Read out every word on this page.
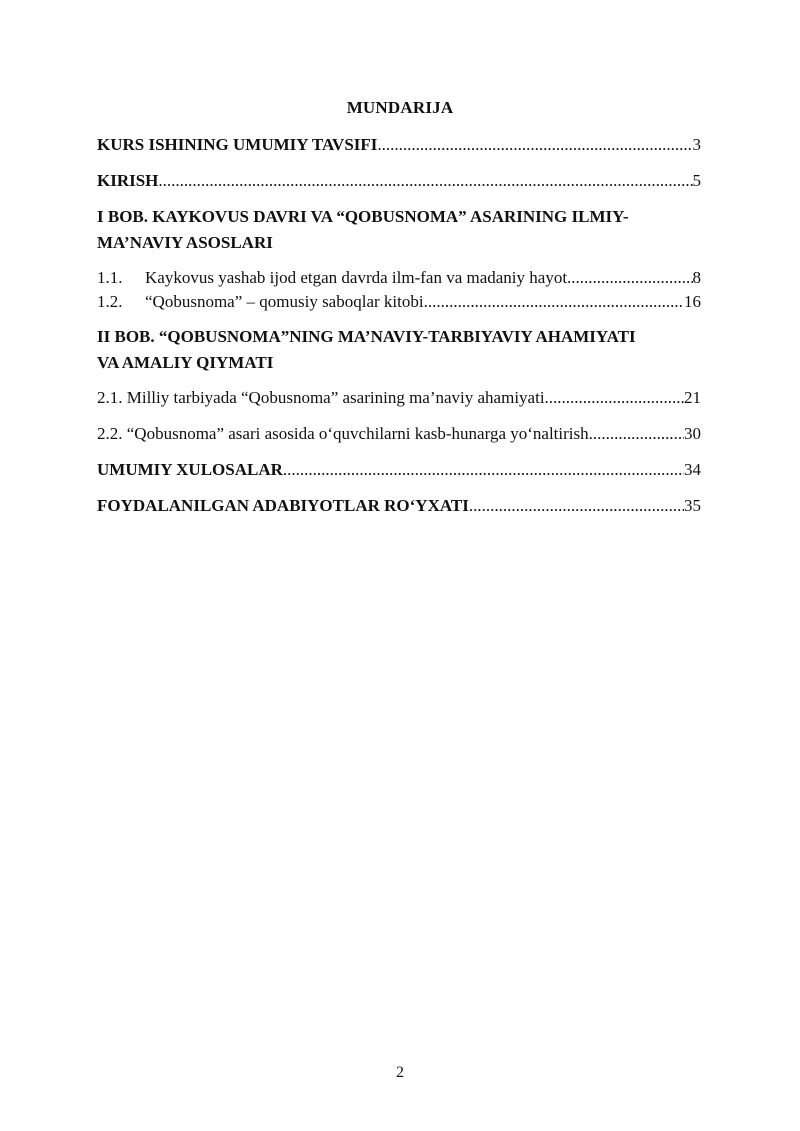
MUNDARIJA
KURS ISHINING UMUMIY TAVSIFI .....	3
KIRISH .....	5
I BOB. KAYKOVUS DAVRI VA “QOBUSNOMA” ASARINING ILMIY-
MA’NAVIY ASOSLARI
1.1.	Kaykovus yashab ijod etgan davrda ilm-fan va madaniy hayot .....	8
1.2.	“Qobusnoma” – qomusiy saboqlar kitobi .....	16
II BOB. “QOBUSNOMA”NING MA’NAVIY-TARBIYAVIY AHAMIYATI
VA AMALIY QIYMATI
2.1. Milliy tarbiyada “Qobusnoma” asarining ma’naviy ahamiyati .....	21
2.2. “Qobusnoma” asari asosida o‘quvchilarni kasb-hunarga yo‘naltirish .....	30
UMUMIY XULOSALAR .....	34
FOYDALANILGAN ADABIYOTLAR RO‘YXATI .....	35
2
